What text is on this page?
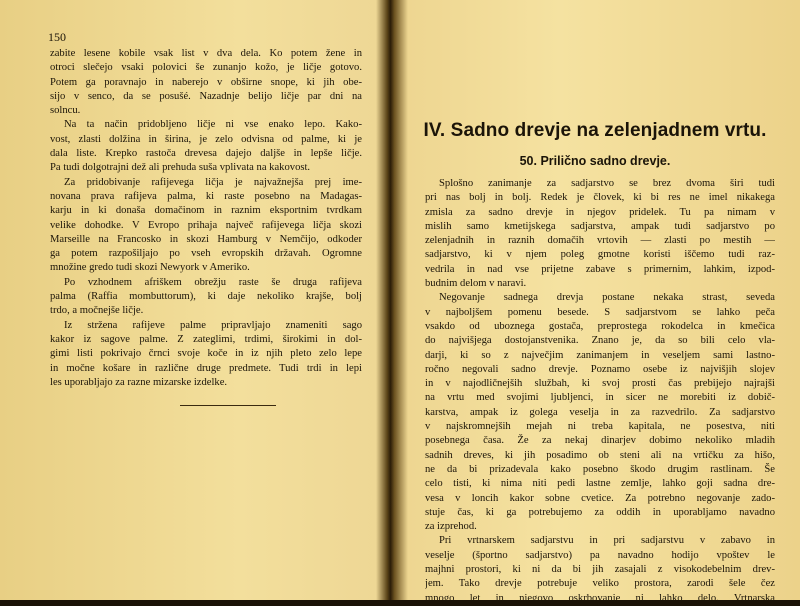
150
zabite lesene kobile vsak list v dva dela. Ko potem žene in
otroci slečejo vsaki polovici še zunanjo kožo, je ličje gotovo.
Potem ga poravnajo in naberejo v obširne snope, ki jih obe-
sijo v senco, da se posušé. Nazadnje belijo ličje par dni na
solncu.
Na ta način pridobljeno ličje ni vse enako lepo. Kako-
vost, zlasti dolžina in širina, je zelo odvisna od palme, ki je
dala liste. Krepko rastoča drevesa dajejo daljše in lepše ličje.
Pa tudi dolgotrajni dež ali prehuda suša vplivata na kakovost.
Za pridobivanje rafijevega ličja je najvažnejša prej ime-
novana prava rafijeva palma, ki raste posebno na Madagas-
karju in ki donaša domačinom in raznim eksportnim tvrdkam
velike dohodke. V Evropo prihaja največ rafijevega ličja skozi
Marseille na Francosko in skozi Hamburg v Nemčijo, odkoder
ga potem razpošiljajo po vseh evropskih državah. Ogromne
množine gredo tudi skozi Newyork v Ameriko.
Po vzhodnem afriškem obrežju raste še druga rafijeva
palma (Raffia mombuttorum), ki daje nekoliko krajše, bolj
trdo, a močnejše ličje.
Iz stržena rafijeve palme pripravljajo znameniti sago
kakor iz sagove palme. Z zateglimi, trdimi, širokimi in dol-
gimi listi pokrivajo črnci svoje koče in iz njih pleto zelo lepe
in močne košare in različne druge predmete. Tudi trdi in lepi
les uporabljajo za razne mizarske izdelke.
IV. Sadno drevje na zelenjadnem vrtu.
50. Prilično sadno drevje.
Splošno zanimanje za sadjarstvo se brez dvoma širi tudi
pri nas bolj in bolj. Redek je človek, ki bi res ne imel nikakega
zmisla za sadno drevje in njegov pridelek. Tu pa nimam v
mislih samo kmetijskega sadjarstva, ampak tudi sadjarstvo po
zelenjadnih in raznih domačih vrtovih — zlasti po mestih —
sadjarstvo, ki v njem poleg gmotne koristi iščemo tudi raz-
vedrila in nad vse prijetne zabave s primernim, lahkim, izpod-
budnim delom v naravi.
Negovanje sadnega drevja postane nekaka strast, seveda
v najboljšem pomenu besede. S sadjarstvom se lahko peča
vsakdo od uboznega gostača, preprostega rokodelca in kmečica
do najvišjega dostojanstvenika. Znano je, da so bili celo vla-
darji, ki so z največjim zanimanjem in veseljem sami lastno-
ročno negovali sadno drevje. Poznamo osebe iz najvišjih slojev
in v najodličnejših službah, ki svoj prosti čas prebijejo najrajši
na vrtu med svojimi ljubljenci, in sicer ne morebiti iz dobič-
karstva, ampak iz golega veselja in za razvedrilo. Za sadjarstvo
v najskromnejših mejah ni treba kapitala, ne posestva, niti
posebnega časa. Že za nekaj dinarjev dobimo nekoliko mladih
sadnih dreves, ki jih posadimo ob steni ali na vrtičku za hišo,
ne da bi prizadevala kako posebno škodo drugim rastlinam. Še
celo tisti, ki nima niti pedi lastne zemlje, lahko goji sadna dre-
vesa v loncih kakor sobne cvetice. Za potrebno negovanje zado-
stuje čas, ki ga potrebujemo za oddih in uporabljamo navadno
za izprehod.
Pri vrtnarskem sadjarstvu in pri sadjarstvu v zabavo in
veselje (športno sadjarstvo) pa navadno hodijo vpoštev le
majhni prostori, ki ni da bi jih zasajali z visokodebelnim drev-
jem. Tako drevje potrebuje veliko prostora, zarodi šele čez
mnogo let in njegovo oskrbovanje ni lahko delo. Vrtnarska
